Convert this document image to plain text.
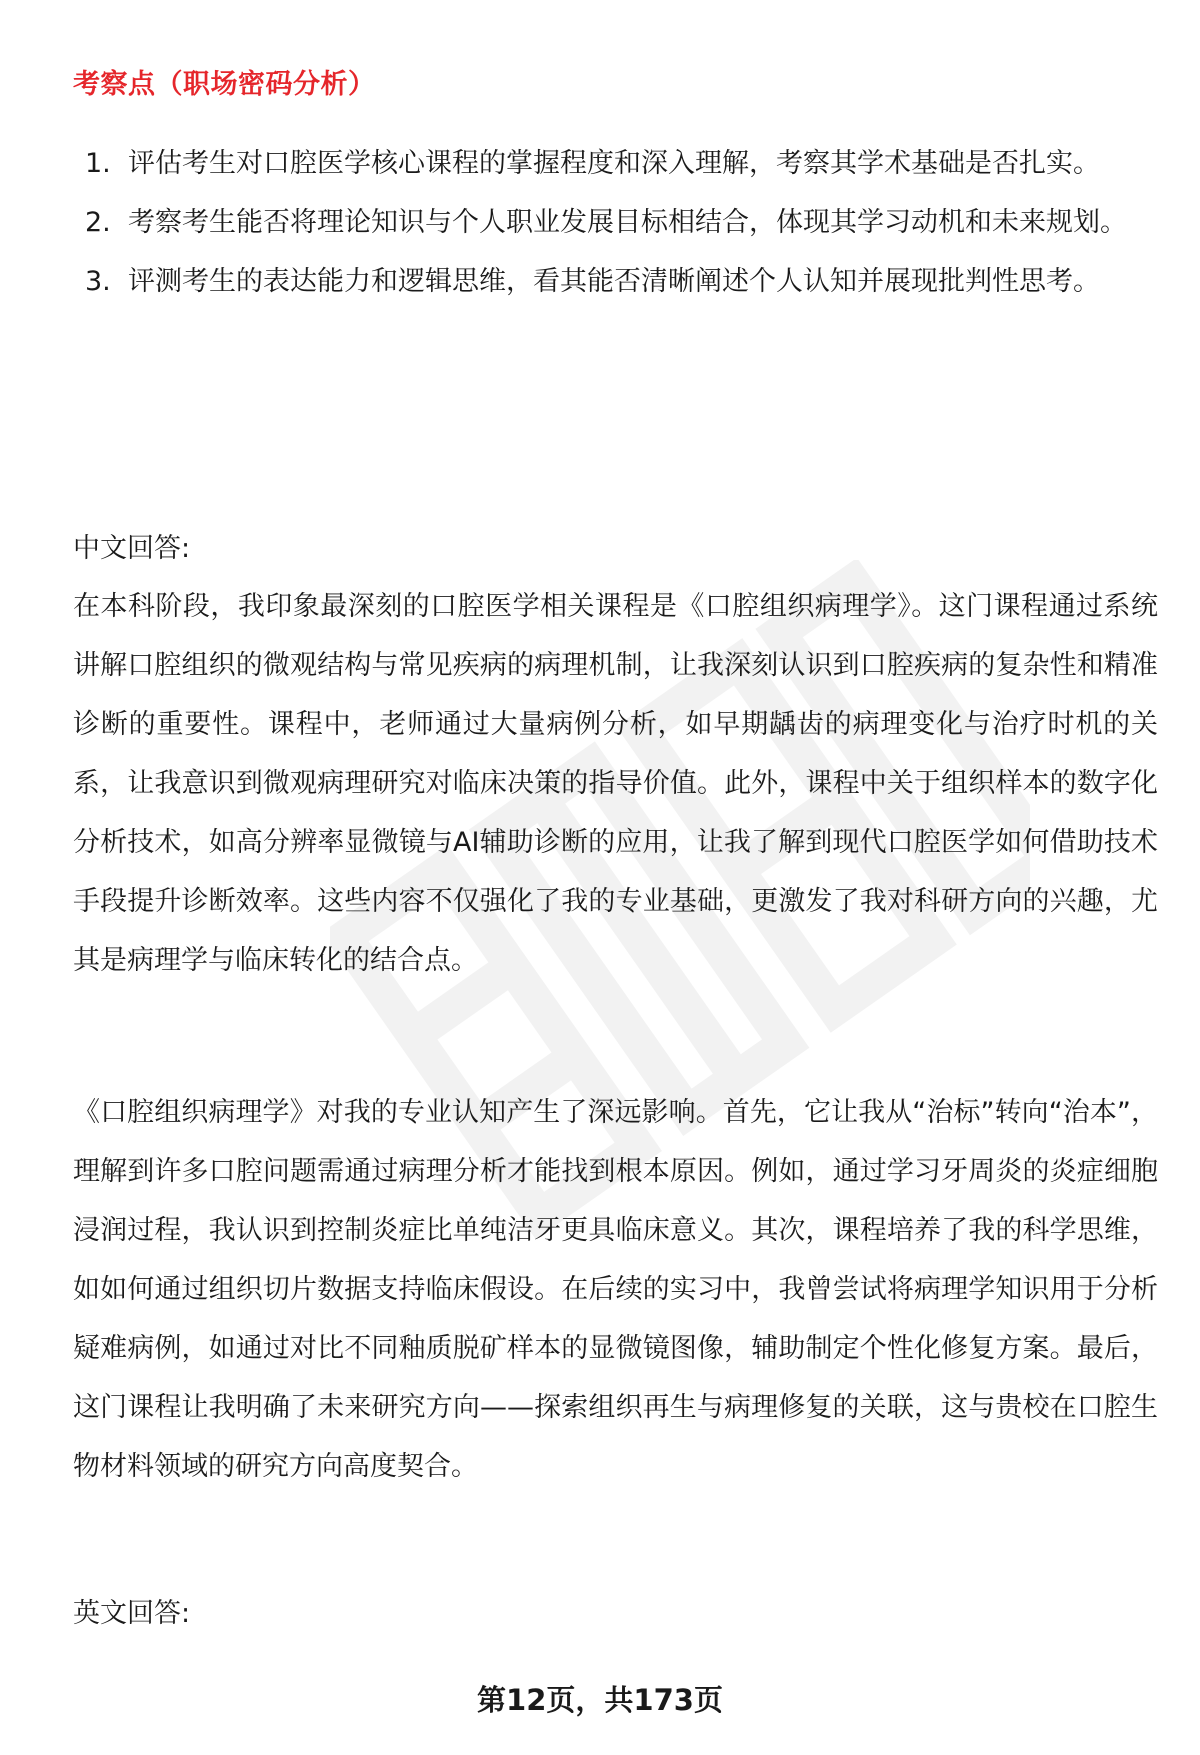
考察点（职场密码分析）
1. 评估考生对口腔医学核心课程的掌握程度和深入理解，考察其学术基础是否扎实。
2. 考察考生能否将理论知识与个人职业发展目标相结合，体现其学习动机和未来规划。
3. 评测考生的表达能力和逻辑思维，看其能否清晰阐述个人认知并展现批判性思考。

中文回答:

在本科阶段，我印象最深刻的口腔医学相关课程是《口腔组织病理学》。这门课程通过系统讲解口腔组织的微观结构与常见疾病的病理机制，让我深刻认识到口腔疾病的复杂性和精准诊断的重要性。课程中，老师通过大量病例分析，如早期龋齿的病理变化与治疗时机的关系，让我意识到微观病理研究对临床决策的指导价值。此外，课程中关于组织样本的数字化分析技术，如高分辨率显微镜与AI辅助诊断的应用，让我了解到现代口腔医学如何借助技术手段提升诊断效率。这些内容不仅强化了我的专业基础，更激发了我对科研方向的兴趣，尤其是病理学与临床转化的结合点。

《口腔组织病理学》对我的专业认知产生了深远影响。首先，它让我从“治标”转向“治本”，理解到许多口腔问题需通过病理分析才能找到根本原因。例如，通过学习牙周炎的炎症细胞浸润过程，我认识到控制炎症比单纯洁牙更具临床意义。其次，课程培养了我的科学思维，如如何通过组织切片数据支持临床假设。在后续的实习中，我曾尝试将病理学知识用于分析疑难病例，如通过对比不同釉质脱矿样本的显微镜图像，辅助制定个性化修复方案。最后，这门课程让我明确了未来研究方向——探索组织再生与病理修复的关联，这与贵校在口腔生物材料领域的研究方向高度契合。

英文回答:

第12页，共173页
